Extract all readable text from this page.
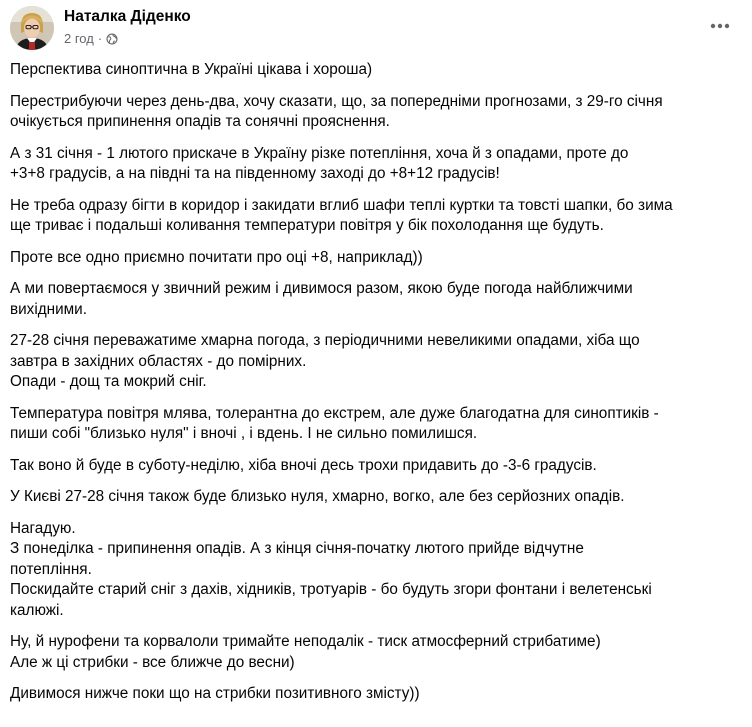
Наталка Діденко
2 год ·
Перспектива синоптична в Україні цікава і хороша)
Перестрибуючи через день-два, хочу сказати, що, за попередніми прогнозами, з 29-го січня
очікується припинення опадів та сонячні прояснення.
А з 31 січня - 1 лютого прискаче в Україну різке потепління, хоча й з опадами, проте до
+3+8 градусів, а на півдні та на південному заході до +8+12 градусів!
Не треба одразу бігти в коридор і закидати вглиб шафи теплі куртки та товсті шапки, бо зима
ще триває і подальші коливання температури повітря у бік похолодання ще будуть.
Проте все одно приємно почитати про оці +8, наприклад))
А ми повертаємося у звичний режим і дивимося разом, якою буде погода найближчими
вихідними.
27-28 січня переважатиме хмарна погода, з періодичними невеликими опадами, хіба що
завтра в західних областях - до помірних.
Опади - дощ та мокрий сніг.
Температура повітря млява, толерантна до екстрем, але дуже благодатна для синоптиків -
пиши собі "близько нуля" і вночі , і вдень. І не сильно помилишся.
Так воно й буде в суботу-неділю, хіба вночі десь трохи придавить до -3-6 градусів.
У Києві 27-28 січня також буде близько нуля, хмарно, вогко, але без серйозних опадів.
Нагадую.
З понеділка - припинення опадів. А з кінця січня-початку лютого прийде відчутне
потепління.
Поскидайте старий сніг з дахів, хідників, тротуарів - бо будуть згори фонтани і велетенські
калюжі.
Ну, й нурофени та корвалоли тримайте неподалік - тиск атмосферний стрибатиме)
Але ж ці стрибки - все ближче до весни)
Дивимося нижче поки що на стрибки позитивного змісту))
